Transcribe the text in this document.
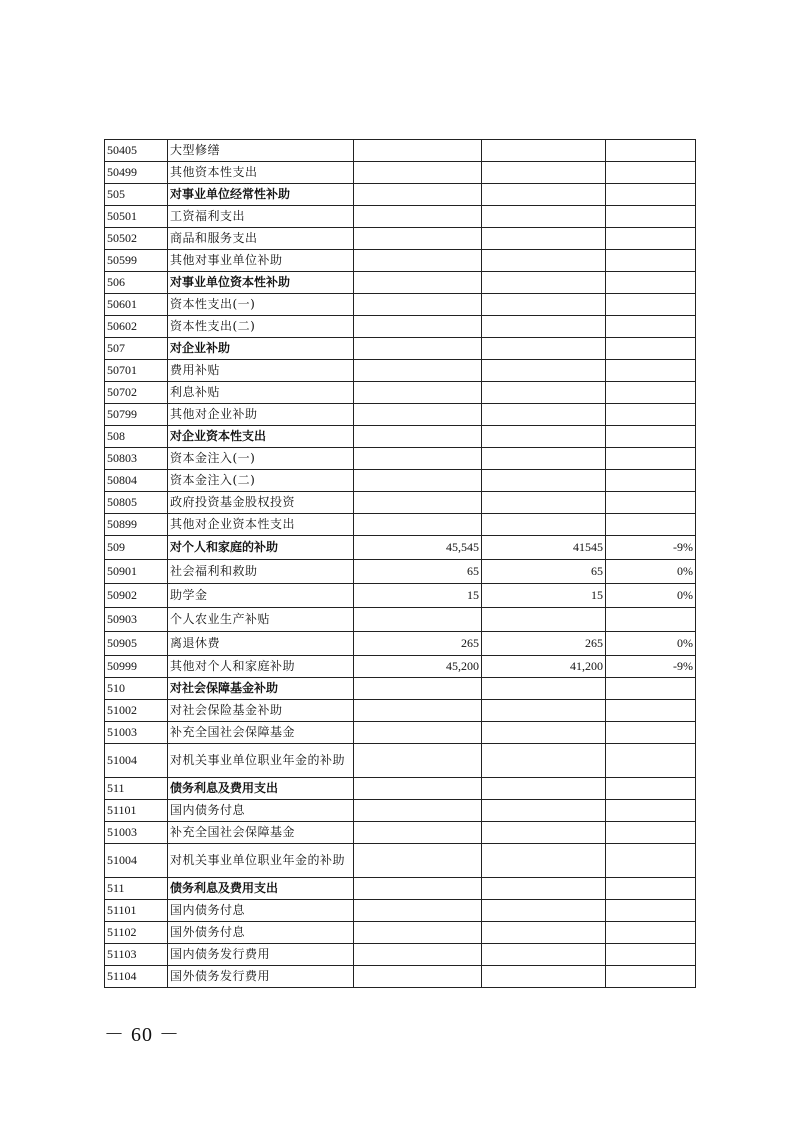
50405	大型修缮			
50499	其他资本性支出			
505	对事业单位经常性补助			
50501	工资福利支出			
50502	商品和服务支出			
50599	其他对事业单位补助			
506	对事业单位资本性补助			
50601	资本性支出(一)			
50602	资本性支出(二)			
507	对企业补助			
50701	费用补贴			
50702	利息补贴			
50799	其他对企业补助			
508	对企业资本性支出			
50803	资本金注入(一)			
50804	资本金注入(二)			
50805	政府投资基金股权投资			
50899	其他对企业资本性支出			
509	对个人和家庭的补助	45,545	41545	-9%
50901	社会福利和救助	65	65	0%
50902	助学金	15	15	0%
50903	个人农业生产补贴			
50905	离退休费	265	265	0%
50999	其他对个人和家庭补助	45,200	41,200	-9%
510	对社会保障基金补助			
51002	对社会保险基金补助			
51003	补充全国社会保障基金			
51004	对机关事业单位职业年金的补助			
511	债务利息及费用支出			
51101	国内债务付息			
51003	补充全国社会保障基金			
51004	对机关事业单位职业年金的补助			
511	债务利息及费用支出			
51101	国内债务付息			
51102	国外债务付息			
51103	国内债务发行费用			
51104	国外债务发行费用			
－ 60 －
